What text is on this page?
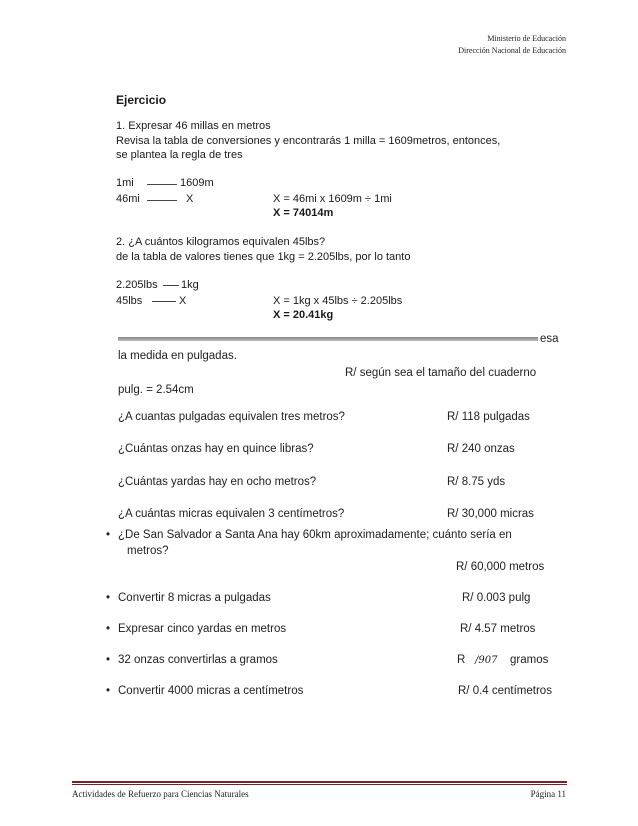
Ministerio de Educación
Dirección Nacional de Educación
Ejercicio
1. Expresar 46 millas en metros
Revisa la tabla de conversiones y encontrarás 1 milla = 1609metros, entonces,
se plantea la regla de tres
1mi	1609m
46mi	X	X = 46mi x 1609m ÷ 1mi
X = 74014m
2. ¿A cuántos kilogramos equivalen 45lbs?
de la tabla de valores tienes que 1kg = 2.205lbs, por lo tanto
2.205lbs 1kg
45lbs	X	X = 1kg x 45lbs ÷ 2.205lbs
X = 20.41kg
esa
la medida en pulgadas.
R/ según sea el tamaño del cuaderno
pulg. = 2.54cm
¿A cuantas pulgadas equivalen tres metros?	R/ 118 pulgadas
¿Cuántas onzas hay en quince libras?	R/ 240 onzas
¿Cuántas yardas hay en ocho metros?	R/ 8.75 yds
¿A cuántas micras equivalen 3 centímetros?	R/ 30,000 micras
• ¿De San Salvador a Santa Ana hay 60km aproximadamente; cuánto sería en
metros?
R/ 60,000 metros
• Convertir 8 micras a pulgadas	R/ 0.003 pulg
• Expresar cinco yardas en metros	R/ 4.57 metros
• 32 onzas convertirlas a gramos	R /907 gramos
• Convertir 4000 micras a centímetros	R/ 0.4 centímetros
Actividades de Refuerzo para Ciencias Naturales	Página 11
